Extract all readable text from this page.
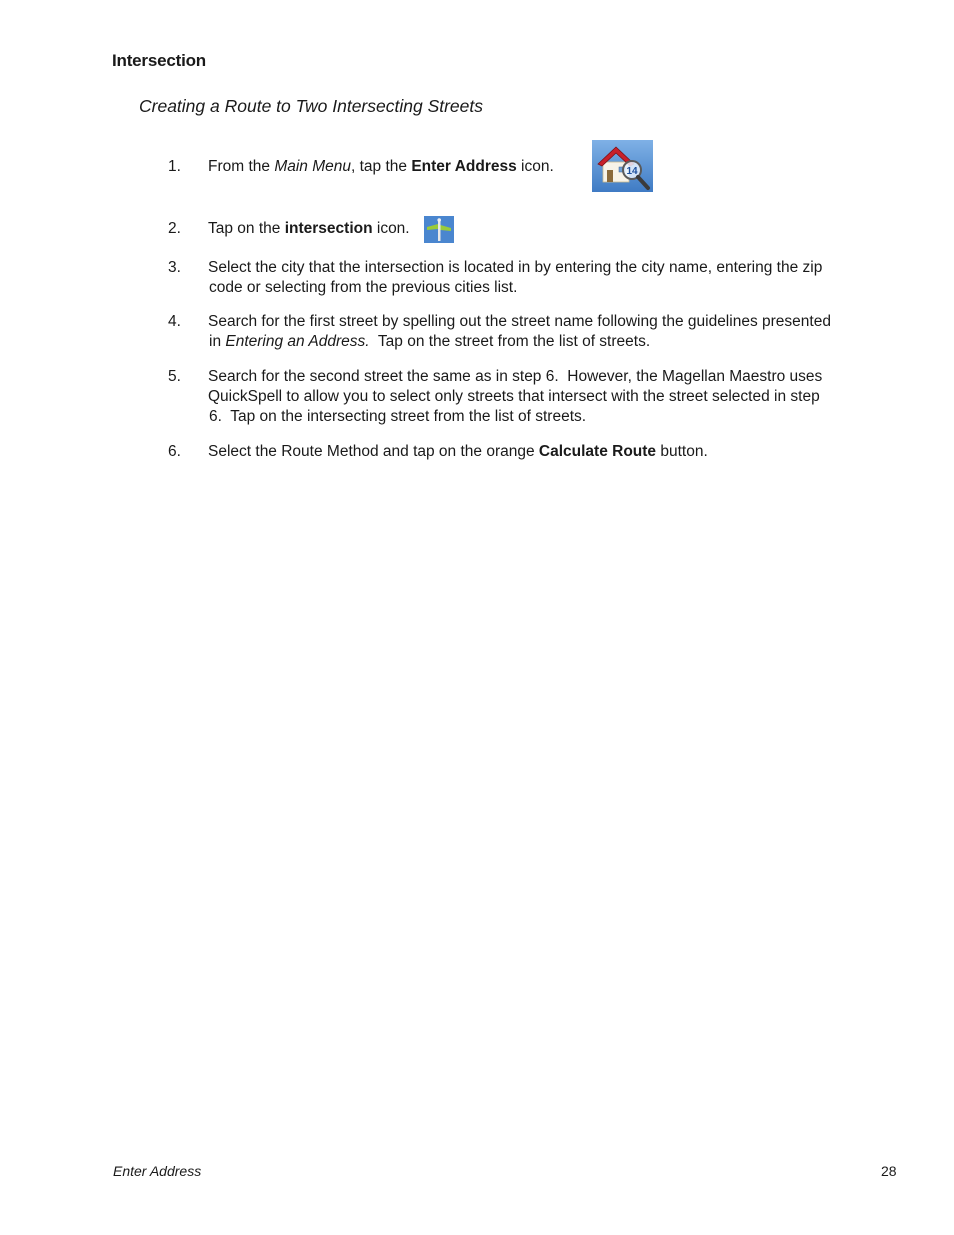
Intersection
Creating a Route to Two Intersecting Streets
1. From the Main Menu, tap the Enter Address icon.	14
2. Tap on the intersection icon.
3. Select the city that the intersection is located in by entering the city name, entering the zip
code or selecting from the previous cities list.
4. Search for the first street by spelling out the street name following the guidelines presented
in Entering an Address.  Tap on the street from the list of streets.
5. Search for the second street the same as in step 6.  However, the Magellan Maestro uses
QuickSpell to allow you to select only streets that intersect with the street selected in step
6.  Tap on the intersecting street from the list of streets.
6. Select the Route Method and tap on the orange Calculate Route button.
Enter Address	28
